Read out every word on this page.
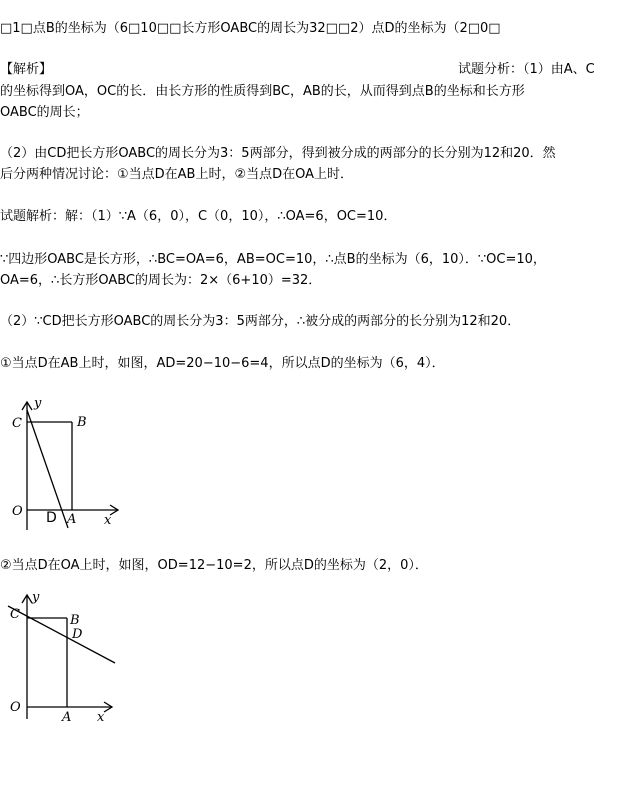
□1□点B的坐标为（6□10□□长方形OABC的周长为32□□2）点D的坐标为（2□0□
【解析】	试题分析：（1）由A、C
的坐标得到OA，OC的长．由长方形的性质得到BC，AB的长，从而得到点B的坐标和长方形
OABC的周长；
（2）由CD把长方形OABC的周长分为3：5两部分，得到被分成的两部分的长分别为12和20．然
后分两种情况讨论：①当点D在AB上时，②当点D在OA上时．
试题解析：解：（1）∵A（6，0），C（0，10），∴OA=6，OC=10．
∵四边形OABC是长方形，∴BC=OA=6，AB=OC=10，∴点B的坐标为（6，10）．∵OC=10，
OA=6，∴长方形OABC的周长为：2×（6+10）=32．
（2）∵CD把长方形OABC的周长分为3：5两部分，∴被分成的两部分的长分别为12和20．
①当点D在AB上时，如图，AD=20−10−6=4，所以点D的坐标为（6，4）．
y
C	B
O D A x
②当点D在OA上时，如图，OD=12−10=2，所以点D的坐标为（2，0）．
y
C	B
D
O
A x
